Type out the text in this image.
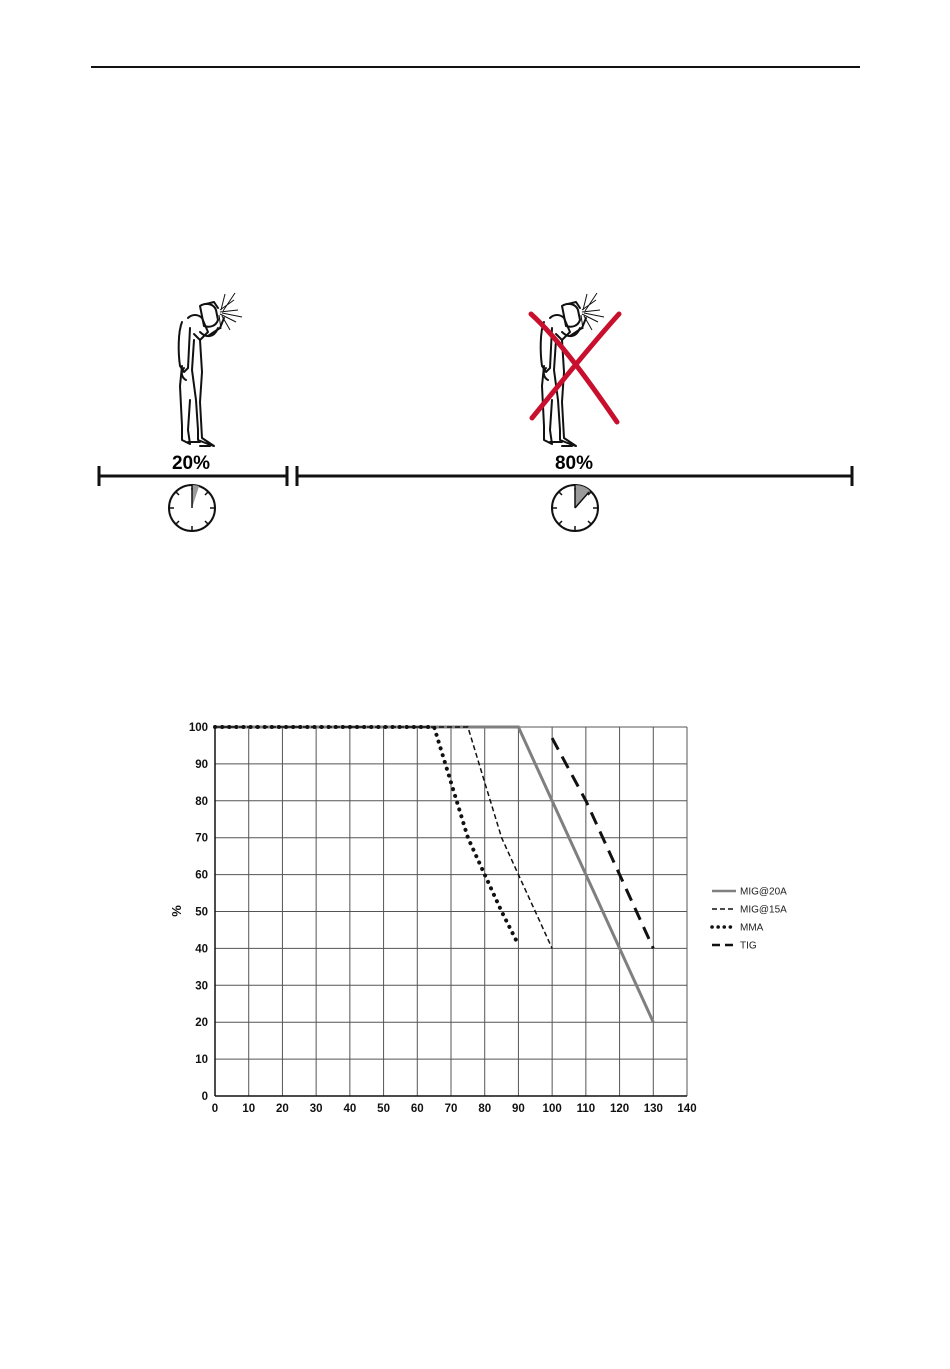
20%	80%
0 10 20 30 40 50 60 70 80 90 100 110 120 130 140
0
10
20
30
40
50
60
70
80
90
100
MIG@20A
MIG@15A
MMA
TIG
%
